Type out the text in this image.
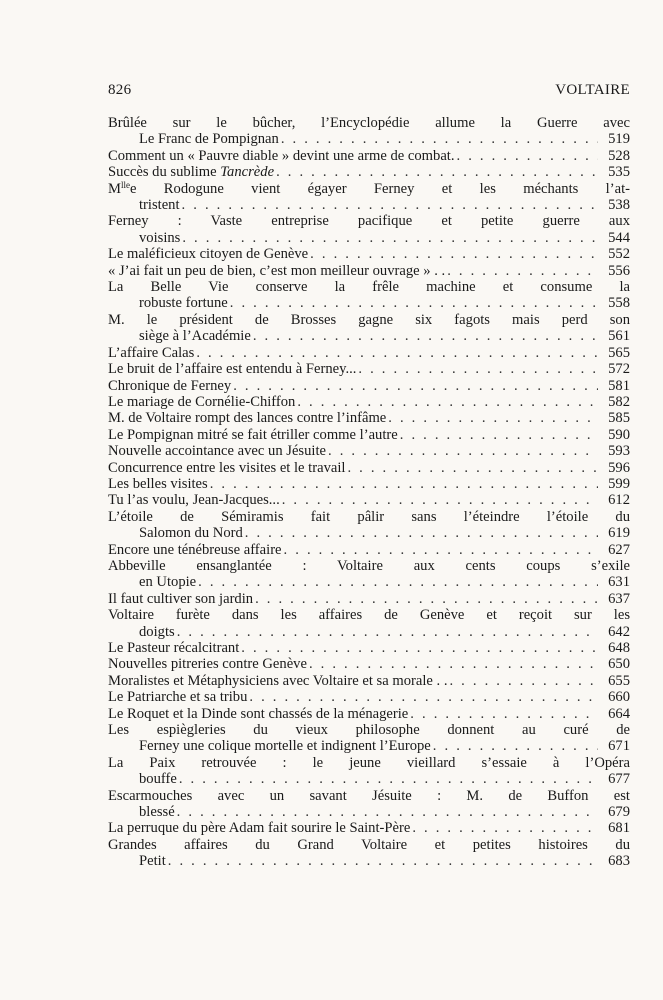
826	VOLTAIRE
Brûlée sur le bûcher, l’Encyclopédie allume la Guerre avec
Le Franc de Pompignan . . .	519
Comment un « Pauvre diable » devint une arme de combat. . . .	528
Succès du sublime Tancrède . . .	535
$M^{lle}e$ Rodogune vient égayer Ferney et les méchants l’at-
tristent . . .	538
Ferney : Vaste entreprise pacifique et petite guerre aux
voisins . . .	544
Le maléficieux citoyen de Genève . . .	552
« J’ai fait un peu de bien, c’est mon meilleur ouvrage » . . . . .	556
La Belle Vie conserve la frêle machine et consume la
robuste fortune . . .	558
M. le président de Brosses gagne six fagots mais perd son
siège à l’Académie . . .	561
L’affaire Calas . . .	565
Le bruit de l’affaire est entendu à Ferney... . . .	572
Chronique de Ferney . . .	581
Le mariage de Cornélie-Chiffon . . .	582
M. de Voltaire rompt des lances contre l’infâme . . .	585
Le Pompignan mitré se fait étriller comme l’autre . . .	590
Nouvelle accointance avec un Jésuite . . .	593
Concurrence entre les visites et le travail . . .	596
Les belles visites . . .	599
Tu l’as voulu, Jean-Jacques... . . .	612
L’étoile de Sémiramis fait pâlir sans l’éteindre l’étoile du
Salomon du Nord . . .	619
Encore une ténébreuse affaire . . .	627
Abbeville ensanglantée : Voltaire aux cents coups s’exile
en Utopie . . .	631
Il faut cultiver son jardin . . .	637
Voltaire furète dans les affaires de Genève et reçoit sur les
doigts . . .	642
Le Pasteur récalcitrant . . .	648
Nouvelles pitreries contre Genève . . .	650
Moralistes et Métaphysiciens avec Voltaire et sa morale . . . . .	655
Le Patriarche et sa tribu . . .	660
Le Roquet et la Dinde sont chassés de la ménagerie . . .	664
Les espiègleries du vieux philosophe donnent au curé de
Ferney une colique mortelle et indignent l’Europe . . .	671
La Paix retrouvée : le jeune vieillard s’essaie à l’Opéra
bouffe . . .	677
Escarmouches avec un savant Jésuite : M. de Buffon est
blessé . . .	679
La perruque du père Adam fait sourire le Saint-Père . . .	681
Grandes affaires du Grand Voltaire et petites histoires du
Petit . . .	683
